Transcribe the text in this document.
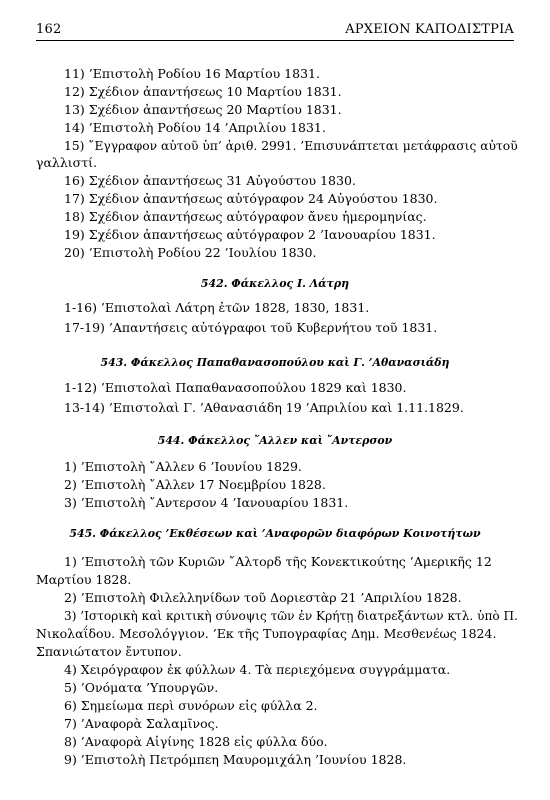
162	ΑΡΧΕΙΟΝ ΚΑΠΟΔΙΣΤΡΙΑ
11) ’Επιστολὴ Ροδίου 16 Μαρτίου 1831.
12) Σχέδιον ἀπαντήσεως 10 Μαρτίου 1831.
13) Σχέδιον ἀπαντήσεως 20 Μαρτίου 1831.
14) ’Επιστολὴ Ροδίου 14 ’Απριλίου 1831.
15) ῎Εγγραφον αὐτοῦ ὑπ’ ἀριθ. 2991. ’Επισυνάπτεται μετάφρασις αὐτοῦ
γαλλιστί.
16) Σχέδιον ἀπαντήσεως 31 Αὐγούστου 1830.
17) Σχέδιον ἀπαντήσεως αὐτόγραφον 24 Αὐγούστου 1830.
18) Σχέδιον ἀπαντήσεως αὐτόγραφον ἄνευ ἡμερομηνίας.
19) Σχέδιον ἀπαντήσεως αὐτόγραφον 2 ’Ιανουαρίου 1831.
20) ’Επιστολὴ Ροδίου 22 ’Ιουλίου 1830.
542. Φάκελλος Ι. Λάτρη
1-16) ’Επιστολαὶ Λάτρη ἐτῶν 1828, 1830, 1831.
17-19) ’Απαντήσεις αὐτόγραφοι τοῦ Κυβερνήτου τοῦ 1831.
543. Φάκελλος Παπαθανασοπούλου καὶ Γ. ’Αθανασιάδη
1-12) ’Επιστολαὶ Παπαθανασοπούλου 1829 καὶ 1830.
13-14) ’Επιστολαὶ Γ. ’Αθανασιάδη 19 ’Απριλίου καὶ 1.11.1829.
544. Φάκελλος ῎Αλλεν καὶ ῎Αντερσον
1) ’Επιστολὴ ῎Αλλεν 6 ’Ιουνίου 1829.
2) ’Επιστολὴ ῎Αλλεν 17 Νοεμβρίου 1828.
3) ’Επιστολὴ ῎Αντερσον 4 ’Ιανουαρίου 1831.
545. Φάκελλος ’Εκθέσεων καὶ ’Αναφορῶν διαφόρων Κοινοτήτων
1) ’Επιστολὴ τῶν Κυριῶν ῎Αλτορδ τῆς Κονεκτικούτης ’Αμερικῆς 12
Μαρτίου 1828.
2) ’Επιστολὴ Φιλελληνίδων τοῦ Δοριεστὰρ 21 ’Απριλίου 1828.
3) ’Ιστορικὴ καὶ κριτικὴ σύνοψις τῶν ἐν Κρήτῃ διατρεξάντων κτλ. ὑπὸ Π.
Νικολαΐδου. Μεσολόγγιον. ’Εκ τῆς Τυπογραφίας Δημ. Μεσθενέως 1824.
Σπανιώτατον ἔντυπον.
4) Χειρόγραφον ἐκ φύλλων 4. Τὰ περιεχόμενα συγγράμματα.
5) ’Ονόματα ’Υπουργῶν.
6) Σημείωμα περὶ συνόρων εἰς φύλλα 2.
7) ’Αναφορὰ Σαλαμῖνος.
8) ’Αναφορὰ Αἰγίνης 1828 εἰς φύλλα δύο.
9) ’Επιστολὴ Πετρόμπεη Μαυρομιχάλη ’Ιουνίου 1828.
